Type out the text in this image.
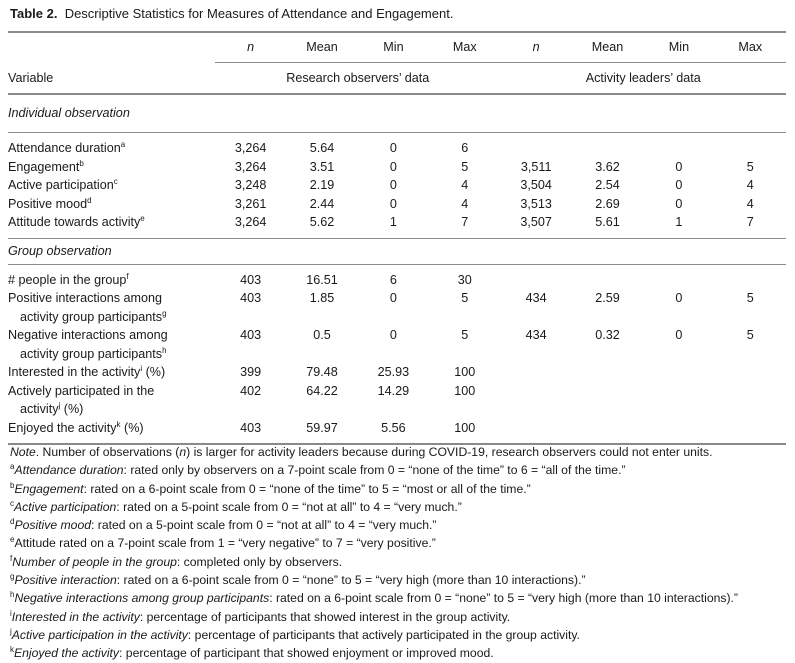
Table 2. Descriptive Statistics for Measures of Attendance and Engagement.
	n	Mean	Min	Max	n	Mean	Min	Max
Variable	Research observers’ data				Activity leaders’ data			
Individual observation								
Attendance duration$^a$	3,264	5.64	0	6				
Engagement$^b$	3,264	3.51	0	5	3,511	3.62	0	5
Active participation$^c$	3,248	2.19	0	4	3,504	2.54	0	4
Positive mood$^d$	3,261	2.44	0	4	3,513	2.69	0	4
Attitude towards activity$^e$	3,264	5.62	1	7	3,507	5.61	1	7
Group observation								
# people in the group$^f$	403	16.51	6	30				
Positive interactions among
activity group participants$^g$	403	1.85	0	5	434	2.59	0	5
Negative interactions among
activity group participants$^h$	403	0.5	0	5	434	0.32	0	5
Interested in the activity$^i$ (%)	399	79.48	25.93	100				
Actively participated in the
activity$^j$ (%)	402	64.22	14.29	100				
Enjoyed the activity$^k$ (%)	403	59.97	5.56	100				
Note. Number of observations (n) is larger for activity leaders because during COVID-19, research observers could not enter units.
$^a$Attendance duration: rated only by observers on a 7-point scale from 0 = “none of the time” to 6 = “all of the time.”
$^b$Engagement: rated on a 6-point scale from 0 = “none of the time” to 5 = “most or all of the time.”
$^c$Active participation: rated on a 5-point scale from 0 = “not at all” to 4 = “very much.”
$^d$Positive mood: rated on a 5-point scale from 0 = “not at all” to 4 = “very much.”
$^e$Attitude rated on a 7-point scale from 1 = “very negative” to 7 = “very positive.”
$^f$Number of people in the group: completed only by observers.
$^g$Positive interaction: rated on a 6-point scale from 0 = “none” to 5 = “very high (more than 10 interactions).”
$^h$Negative interactions among group participants: rated on a 6-point scale from 0 = “none” to 5 = “very high (more than 10 interactions).”
$^i$Interested in the activity: percentage of participants that showed interest in the group activity.
$^j$Active participation in the activity: percentage of participants that actively participated in the group activity.
$^k$Enjoyed the activity: percentage of participant that showed enjoyment or improved mood.
